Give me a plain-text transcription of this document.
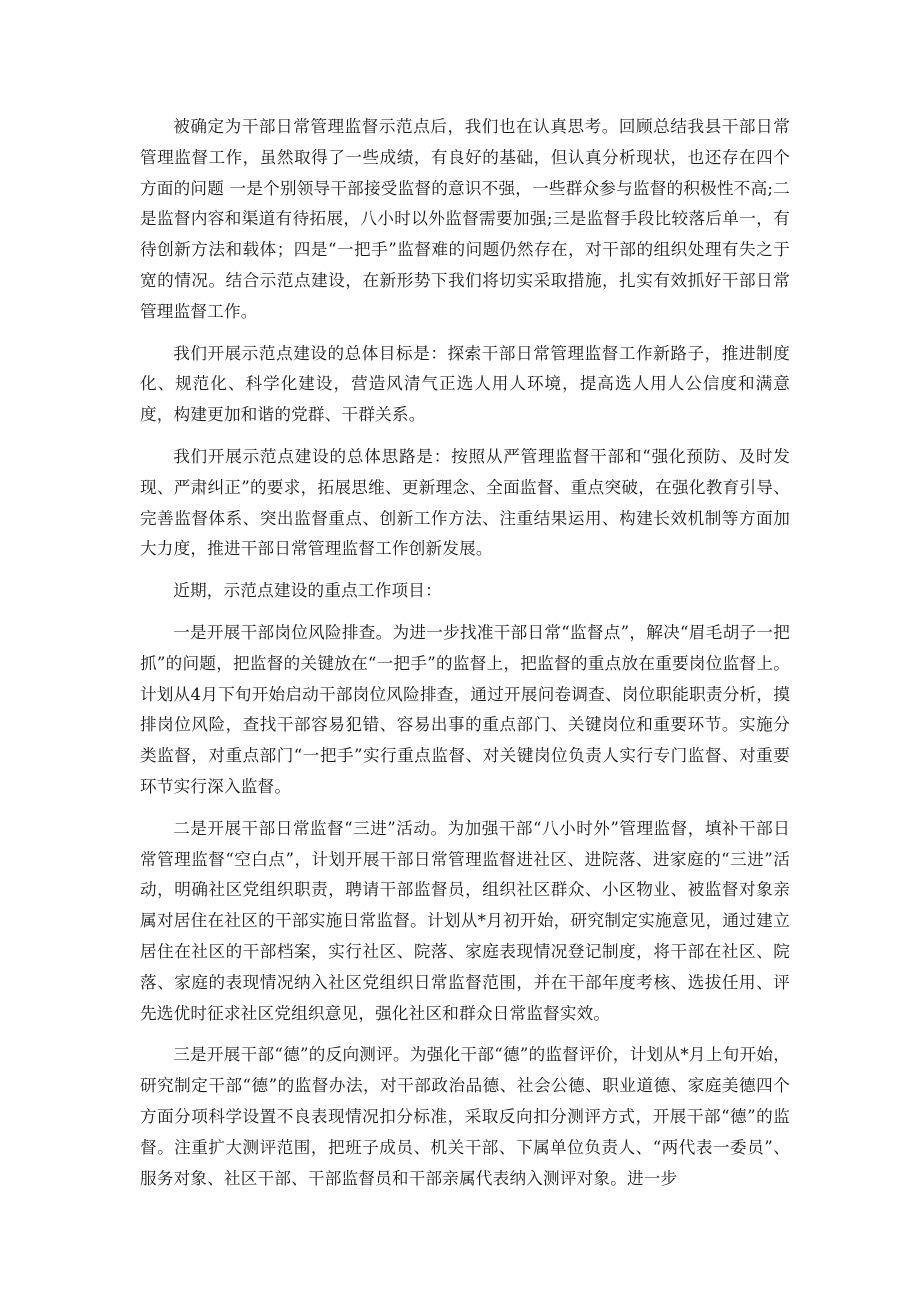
被确定为干部日常管理监督示范点后，我们也在认真思考。回顾总结我县干部日常管理监督工作，虽然取得了一些成绩，有良好的基础，但认真分析现状，也还存在四个方面的问题 一是个别领导干部接受监督的意识不强，一些群众参与监督的积极性不高;二是监督内容和渠道有待拓展，八小时以外监督需要加强;三是监督手段比较落后单一，有待创新方法和载体；四是“一把手”监督难的问题仍然存在，对干部的组织处理有失之于宽的情况。结合示范点建设，在新形势下我们将切实采取措施，扎实有效抓好干部日常管理监督工作。

我们开展示范点建设的总体目标是：探索干部日常管理监督工作新路子，推进制度化、规范化、科学化建设，营造风清气正选人用人环境，提高选人用人公信度和满意度，构建更加和谐的党群、干群关系。

我们开展示范点建设的总体思路是：按照从严管理监督干部和“强化预防、及时发现、严肃纠正”的要求，拓展思维、更新理念、全面监督、重点突破，在强化教育引导、完善监督体系、突出监督重点、创新工作方法、注重结果运用、构建长效机制等方面加大力度，推进干部日常管理监督工作创新发展。

近期，示范点建设的重点工作项目：

一是开展干部岗位风险排查。为进一步找准干部日常“监督点”，解决“眉毛胡子一把抓”的问题，把监督的关键放在“一把手”的监督上，把监督的重点放在重要岗位监督上。计划从4月下旬开始启动干部岗位风险排查，通过开展问卷调查、岗位职能职责分析，摸排岗位风险，查找干部容易犯错、容易出事的重点部门、关键岗位和重要环节。实施分类监督，对重点部门“一把手”实行重点监督、对关键岗位负责人实行专门监督、对重要环节实行深入监督。

二是开展干部日常监督“三进”活动。为加强干部“八小时外”管理监督，填补干部日常管理监督“空白点”，计划开展干部日常管理监督进社区、进院落、进家庭的“三进”活动，明确社区党组织职责，聘请干部监督员，组织社区群众、小区物业、被监督对象亲属对居住在社区的干部实施日常监督。计划从*月初开始，研究制定实施意见，通过建立居住在社区的干部档案，实行社区、院落、家庭表现情况登记制度，将干部在社区、院落、家庭的表现情况纳入社区党组织日常监督范围，并在干部年度考核、选拔任用、评先选优时征求社区党组织意见，强化社区和群众日常监督实效。

三是开展干部“德”的反向测评。为强化干部“德”的监督评价，计划从*月上旬开始，研究制定干部“德”的监督办法，对干部政治品德、社会公德、职业道德、家庭美德四个方面分项科学设置不良表现情况扣分标准，采取反向扣分测评方式，开展干部“德”的监督。注重扩大测评范围，把班子成员、机关干部、下属单位负责人、“两代表一委员”、服务对象、社区干部、干部监督员和干部亲属代表纳入测评对象。进一步
